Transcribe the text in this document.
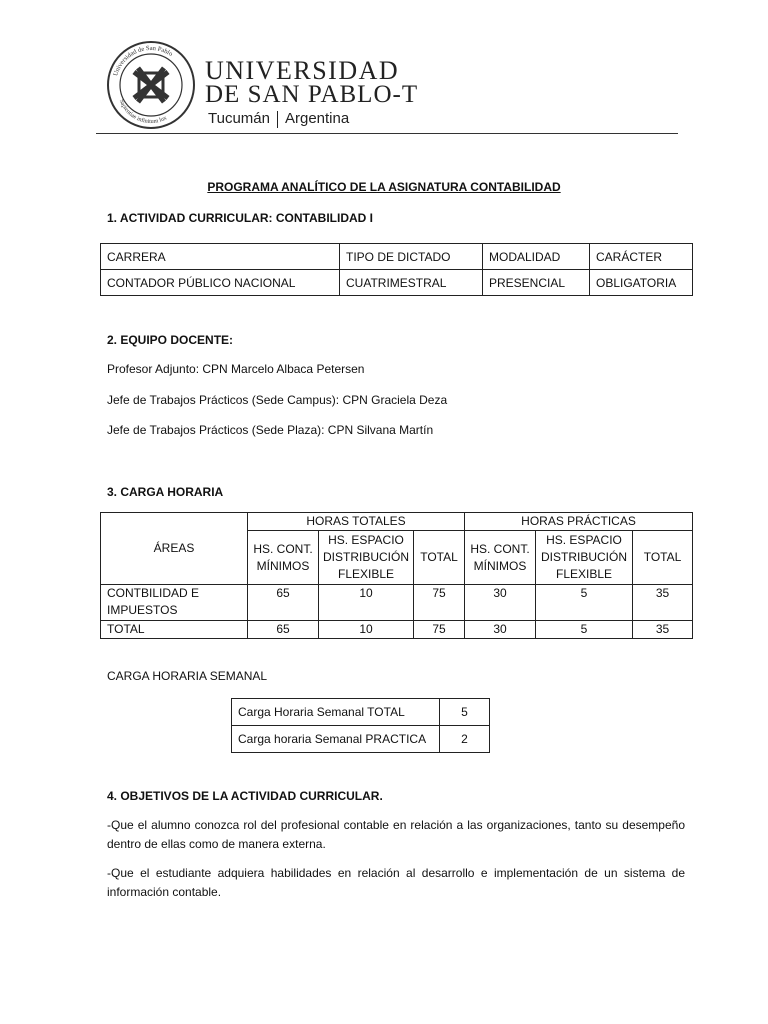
Universidad de San Pablo
Sapientiae infinitum lux
UNIVERSIDAD
DE SAN PABLO-T
Tucumán Argentina
PROGRAMA ANALÍTICO DE LA ASIGNATURA CONTABILIDAD
1. ACTIVIDAD CURRICULAR: CONTABILIDAD I
CARRERA	TIPO DE DICTADO	MODALIDAD	CARÁCTER
CONTADOR PÚBLICO NACIONAL	CUATRIMESTRAL	PRESENCIAL	OBLIGATORIA
2. EQUIPO DOCENTE:
Profesor Adjunto: CPN Marcelo Albaca Petersen
Jefe de Trabajos Prácticos (Sede Campus): CPN Graciela Deza
Jefe de Trabajos Prácticos (Sede Plaza): CPN Silvana Martín
3. CARGA HORARIA
ÁREAS	HORAS TOTALES			HORAS PRÁCTICAS		
	HS. CONT. MÍNIMOS	HS. ESPACIO DISTRIBUCIÓN FLEXIBLE	TOTAL	HS. CONT. MÍNIMOS	HS. ESPACIO DISTRIBUCIÓN FLEXIBLE	TOTAL
CONTBILIDAD E IMPUESTOS	65	10	75	30	5	35
TOTAL	65	10	75	30	5	35
CARGA HORARIA SEMANAL
Carga Horaria Semanal TOTAL	5
Carga horaria Semanal PRACTICA	2
4. OBJETIVOS DE LA ACTIVIDAD CURRICULAR.
-Que el alumno conozca rol del profesional contable en relación a las organizaciones, tanto su desempeño dentro de ellas como de manera externa.
-Que el estudiante adquiera habilidades en relación al desarrollo e implementación de un sistema de información contable.
